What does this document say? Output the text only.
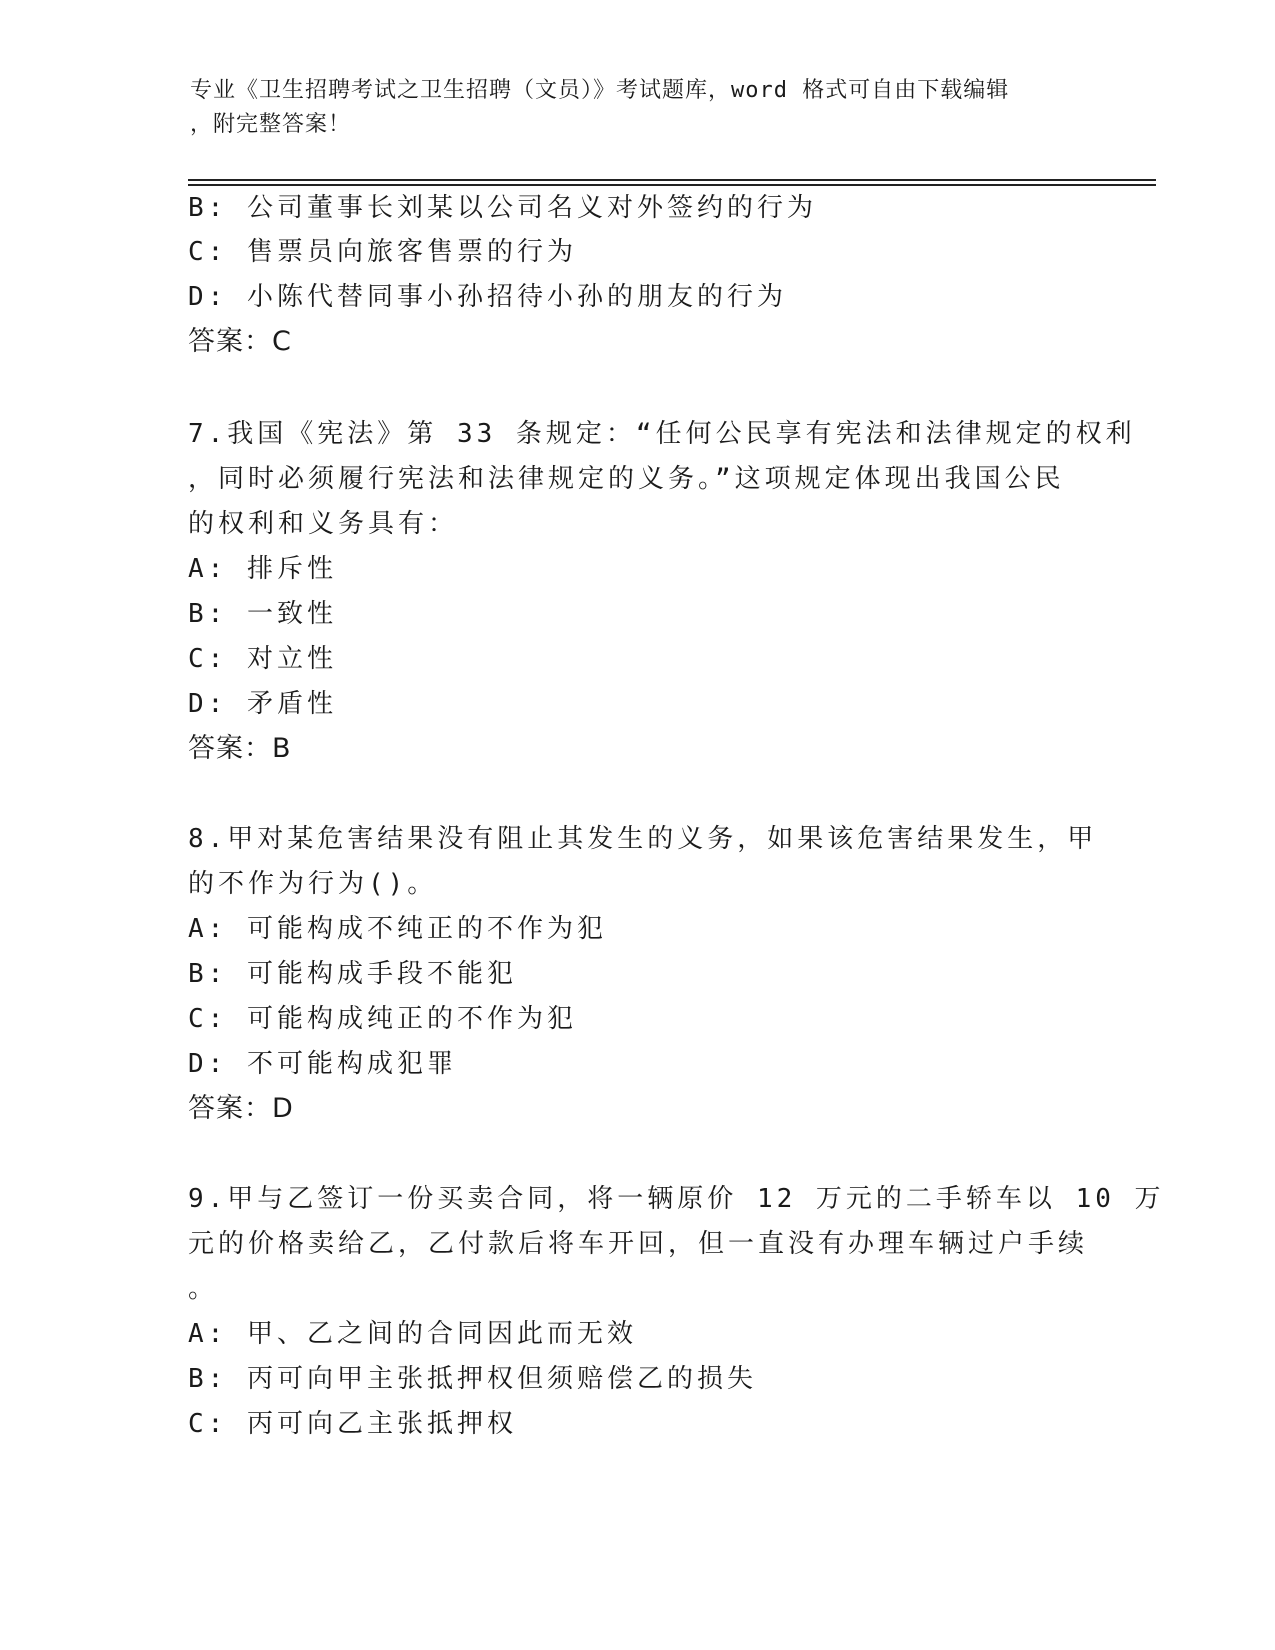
专业《卫生招聘考试之卫生招聘（文员）》考试题库，word 格式可自由下载编辑
，附完整答案！
B: 公司董事长刘某以公司名义对外签约的行为
C: 售票员向旅客售票的行为
D: 小陈代替同事小孙招待小孙的朋友的行为
答案：C
7.我国《宪法》第 33 条规定：“任何公民享有宪法和法律规定的权利
，同时必须履行宪法和法律规定的义务。”这项规定体现出我国公民
的权利和义务具有：
A: 排斥性
B: 一致性
C: 对立性
D: 矛盾性
答案：B
8.甲对某危害结果没有阻止其发生的义务，如果该危害结果发生，甲
的不作为行为()。
A: 可能构成不纯正的不作为犯
B: 可能构成手段不能犯
C: 可能构成纯正的不作为犯
D: 不可能构成犯罪
答案：D
9.甲与乙签订一份买卖合同，将一辆原价 12 万元的二手轿车以 10 万
元的价格卖给乙，乙付款后将车开回，但一直没有办理车辆过户手续
。
A: 甲、乙之间的合同因此而无效
B: 丙可向甲主张抵押权但须赔偿乙的损失
C: 丙可向乙主张抵押权
